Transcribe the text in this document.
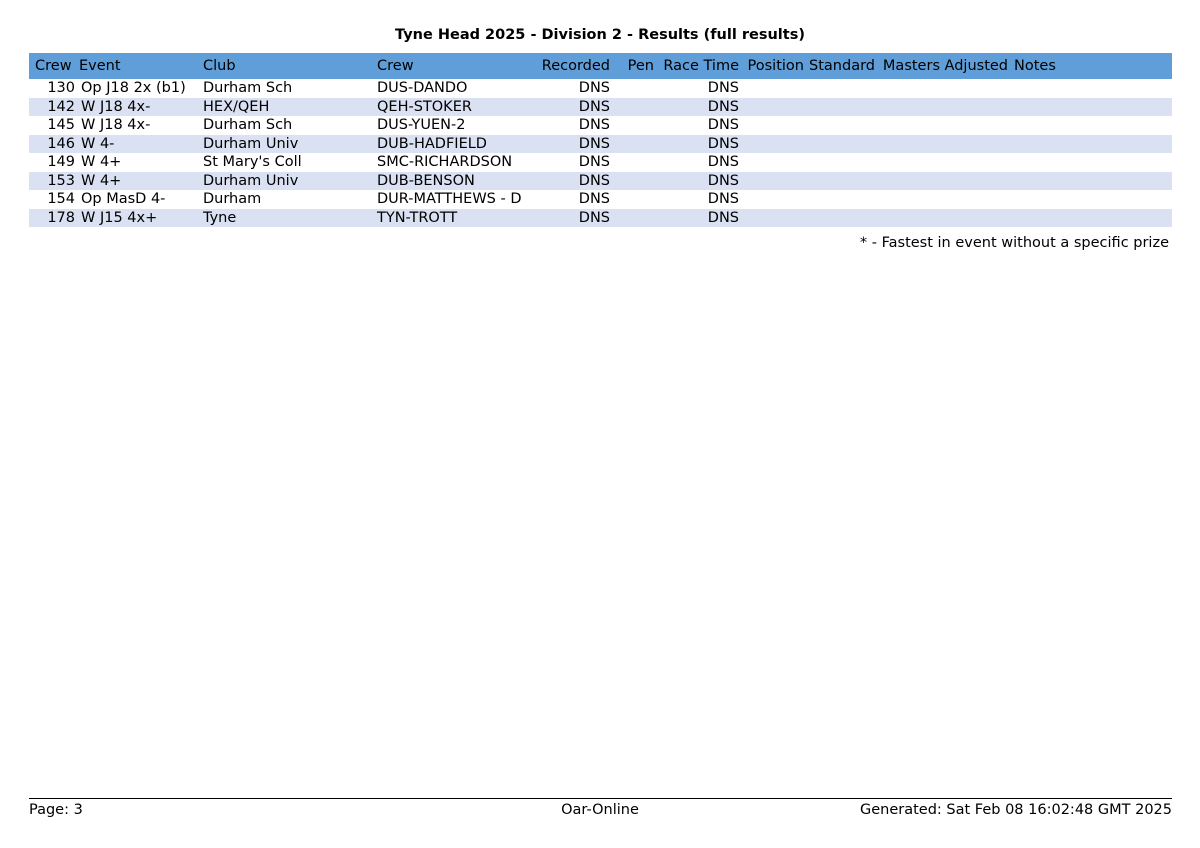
Tyne Head 2025 - Division 2 - Results (full results)
Crew	Event	Club	Crew	Recorded	Pen	Race Time	Position	Standard	Masters	Adjusted	Notes
130	Op J18 2x (b1)	Durham Sch	DUS-DANDO	DNS		DNS					
142	W J18 4x-	HEX/QEH	QEH-STOKER	DNS		DNS					
145	W J18 4x-	Durham Sch	DUS-YUEN-2	DNS		DNS					
146	W 4-	Durham Univ	DUB-HADFIELD	DNS		DNS					
149	W 4+	St Mary's Coll	SMC-RICHARDSON	DNS		DNS					
153	W 4+	Durham Univ	DUB-BENSON	DNS		DNS					
154	Op MasD 4-	Durham	DUR-MATTHEWS - D	DNS		DNS					
178	W J15 4x+	Tyne	TYN-TROTT	DNS		DNS					
* - Fastest in event without a specific prize
Page: 3	Oar-Online	Generated: Sat Feb 08 16:02:48 GMT 2025
